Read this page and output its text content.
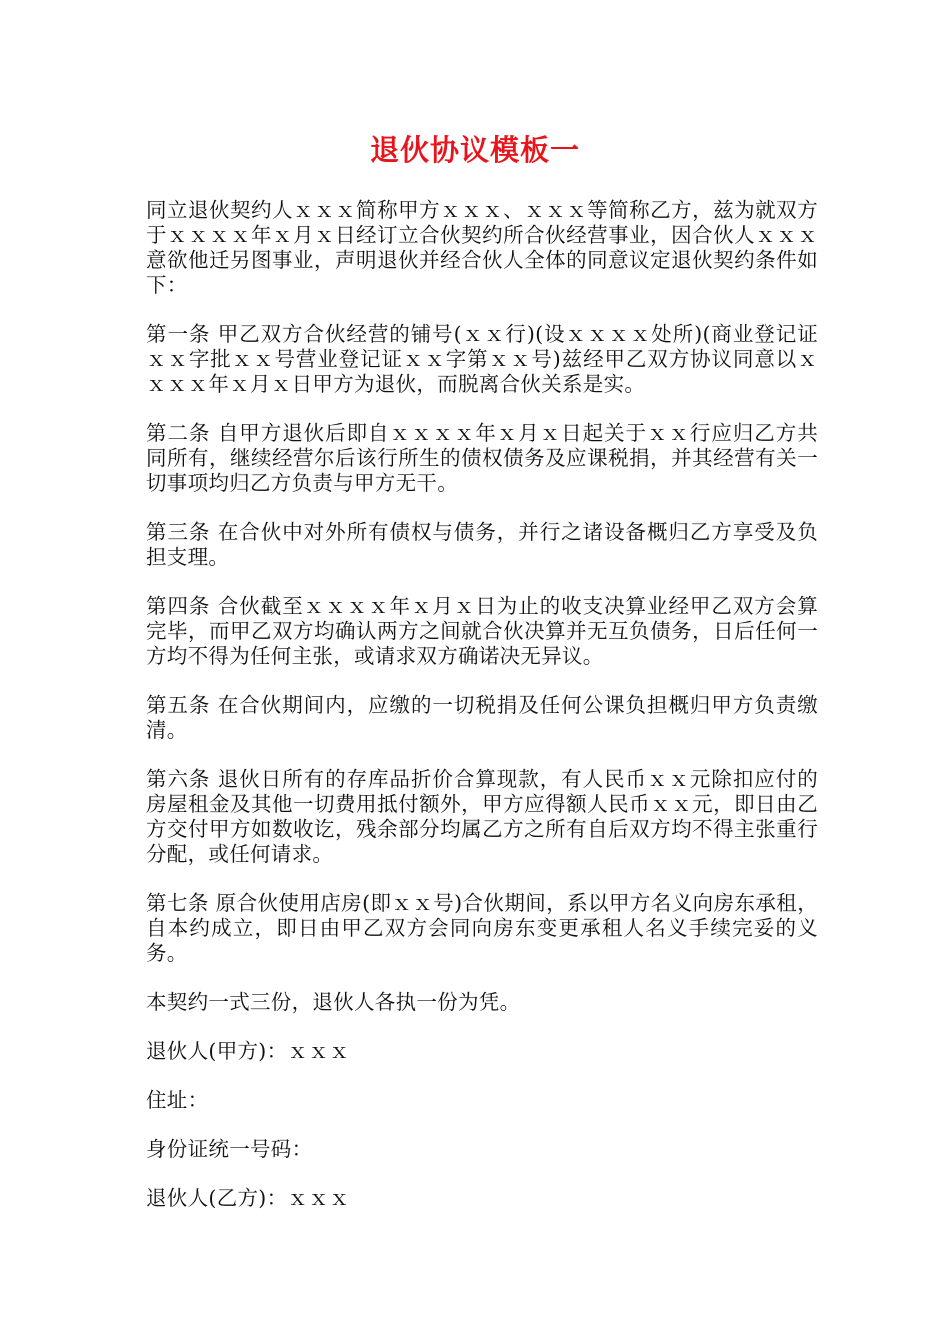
退伙协议模板一

同立退伙契约人ｘｘｘ简称甲方ｘｘｘ、ｘｘｘ等简称乙方，兹为就双方于ｘｘｘｘ年ｘ月ｘ日经订立合伙契约所合伙经营事业，因合伙人ｘｘｘ意欲他迁另图事业，声明退伙并经合伙人全体的同意议定退伙契约条件如下：

第一条 甲乙双方合伙经营的铺号(ｘｘ行)(设ｘｘｘｘ处所)(商业登记证ｘｘ字批ｘｘ号营业登记证ｘｘ字第ｘｘ号)兹经甲乙双方协议同意以ｘｘｘｘ年ｘ月ｘ日甲方为退伙，而脱离合伙关系是实。

第二条 自甲方退伙后即自ｘｘｘｘ年ｘ月ｘ日起关于ｘｘ行应归乙方共同所有，继续经营尔后该行所生的债权债务及应课税捐，并其经营有关一切事项均归乙方负责与甲方无干。

第三条 在合伙中对外所有债权与债务，并行之诸设备概归乙方享受及负担支理。

第四条 合伙截至ｘｘｘｘ年ｘ月ｘ日为止的收支决算业经甲乙双方会算完毕，而甲乙双方均确认两方之间就合伙决算并无互负债务，日后任何一方均不得为任何主张，或请求双方确诺决无异议。

第五条 在合伙期间内，应缴的一切税捐及任何公课负担概归甲方负责缴清。

第六条 退伙日所有的存库品折价合算现款，有人民币ｘｘ元除扣应付的房屋租金及其他一切费用抵付额外，甲方应得额人民币ｘｘ元，即日由乙方交付甲方如数收讫，残余部分均属乙方之所有自后双方均不得主张重行分配，或任何请求。

第七条 原合伙使用店房(即ｘｘ号)合伙期间，系以甲方名义向房东承租，自本约成立，即日由甲乙双方会同向房东变更承租人名义手续完妥的义务。

本契约一式三份，退伙人各执一份为凭。

退伙人(甲方)：ｘｘｘ

住址：

身份证统一号码：

退伙人(乙方)：ｘｘｘ
